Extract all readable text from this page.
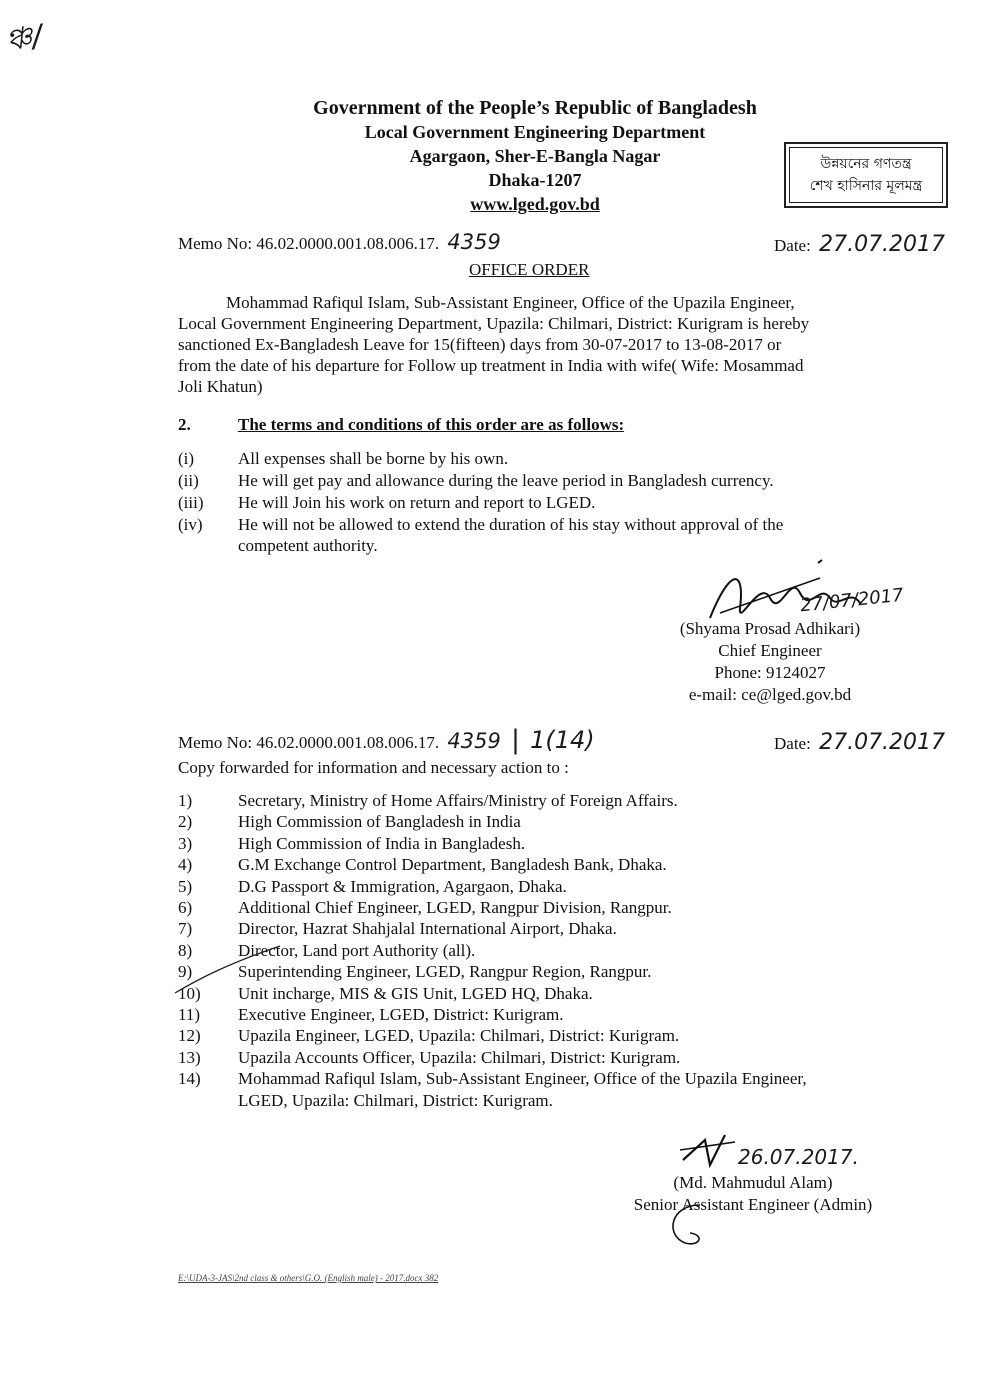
ঞ্চ/
Government of the People’s Republic of Bangladesh
Local Government Engineering Department
Agargaon, Sher-E-Bangla Nagar
Dhaka-1207
www.lged.gov.bd
উন্নয়নের গণতন্ত্র
শেখ হাসিনার মূলমন্ত্র
Memo No: 46.02.0000.001.08.006.17. 4359	Date: 27.07.2017
OFFICE ORDER
Mohammad Rafiqul Islam, Sub-Assistant Engineer, Office of the Upazila Engineer,
Local Government Engineering Department, Upazila: Chilmari, District: Kurigram is hereby
sanctioned Ex-Bangladesh Leave for 15(fifteen) days from 30-07-2017 to 13-08-2017 or
from the date of his departure for Follow up treatment in India with wife( Wife: Mosammad
Joli Khatun)
2.	The terms and conditions of this order are as follows:
(i)	All expenses shall be borne by his own.
(ii) He will get pay and allowance during the leave period in Bangladesh currency.
(iii) He will Join his work on return and report to LGED.
(iv) He will not be allowed to extend the duration of his stay without approval of the
competent authority.
27/07/2017
(Shyama Prosad Adhikari)
Chief Engineer
Phone: 9124027
e-mail: ce@lged.gov.bd
Memo No: 46.02.0000.001.08.006.17. 4359 | 1(14)	Date: 27.07.2017
Copy forwarded for information and necessary action to :
1)	Secretary, Ministry of Home Affairs/Ministry of Foreign Affairs.
2)	High Commission of Bangladesh in India
3)	High Commission of India in Bangladesh.
4)	G.M Exchange Control Department, Bangladesh Bank, Dhaka.
5)	D.G Passport & Immigration, Agargaon, Dhaka.
6)	Additional Chief Engineer, LGED, Rangpur Division, Rangpur.
7)	Director, Hazrat Shahjalal International Airport, Dhaka.
8)	Director, Land port Authority (all).
9)	Superintending Engineer, LGED, Rangpur Region, Rangpur.
10) Unit incharge, MIS & GIS Unit, LGED HQ, Dhaka.
11) Executive Engineer, LGED, District: Kurigram.
12) Upazila Engineer, LGED, Upazila: Chilmari, District: Kurigram.
13) Upazila Accounts Officer, Upazila: Chilmari, District: Kurigram.
14) Mohammad Rafiqul Islam, Sub-Assistant Engineer, Office of the Upazila Engineer,
LGED, Upazila: Chilmari, District: Kurigram.
26.07.2017.
(Md. Mahmudul Alam)
Senior Assistant Engineer (Admin)
E:\UDA-3-JAS\2nd class & others\G.O. (English male) - 2017.docx 382
